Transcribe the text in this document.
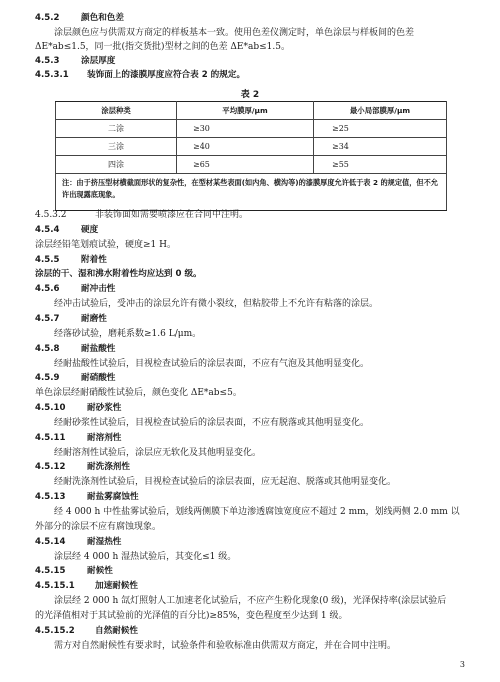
4.5.2	颜色和色差
涂层颜色应与供需双方商定的样板基本一致。使用色差仪测定时，单色涂层与样板间的色差
ΔE*ab≤1.5，同一批(指交货批)型材之间的色差 ΔE*ab≤1.5。
4.5.3	涂层厚度
4.5.3.1 装饰面上的漆膜厚度应符合表 2 的规定。
表 2
涂层种类	平均膜厚/μm	最小局部膜厚/μm
二涂	≥30	≥25
三涂	≥40	≥34
四涂	≥65	≥55
注：由于挤压型材横截面形状的复杂性，在型材某些表面(如内角、横沟等)的漆膜厚度允许低于表 2 的规定值，但不允许出现露底现象。		
4.5.3.2	非装饰面如需要喷漆应在合同中注明。
4.5.4	硬度
涂层经铅笔划痕试验，硬度≥1 H。
4.5.5	附着性
涂层的干、湿和沸水附着性均应达到 0 级。
4.5.6	耐冲击性
经冲击试验后，受冲击的涂层允许有微小裂纹，但粘胶带上不允许有粘落的涂层。
4.5.7	耐磨性
经落砂试验，磨耗系数≥1.6 L/μm。
4.5.8	耐盐酸性
经耐盐酸性试验后，目视检查试验后的涂层表面，不应有气泡及其他明显变化。
4.5.9	耐硝酸性
单色涂层经耐硝酸性试验后，颜色变化 ΔE*ab≤5。
4.5.10	耐砂浆性
经耐砂浆性试验后，目视检查试验后的涂层表面，不应有脱落或其他明显变化。
4.5.11	耐溶剂性
经耐溶剂性试验后，涂层应无软化及其他明显变化。
4.5.12	耐洗涤剂性
经耐洗涤剂性试验后，目视检查试验后的涂层表面，应无起泡、脱落或其他明显变化。
4.5.13	耐盐雾腐蚀性
经 4 000 h 中性盐雾试验后，划线两侧膜下单边渗透腐蚀宽度应不超过 2 mm，划线两侧 2.0 mm 以
外部分的涂层不应有腐蚀现象。
4.5.14	耐湿热性
涂层经 4 000 h 湿热试验后，其变化≤1 级。
4.5.15	耐候性
4.5.15.1 加速耐候性
涂层经 2 000 h 氙灯照射人工加速老化试验后，不应产生粉化现象(0 级)，光泽保持率(涂层试验后
的光泽值相对于其试验前的光泽值的百分比)≥85%，变色程度至少达到 1 级。
4.5.15.2 自然耐候性
需方对自然耐候性有要求时，试验条件和验收标准由供需双方商定，并在合同中注明。
3
